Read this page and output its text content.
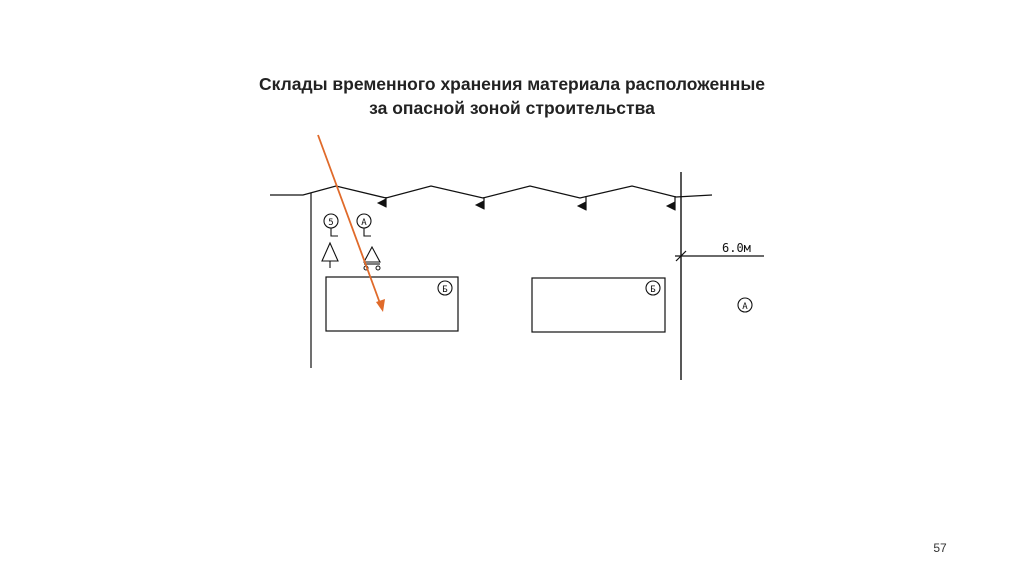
Склады временного хранения материала расположенные
за опасной зоной строительства
6.0м
5	А
Б	Б
А
57
